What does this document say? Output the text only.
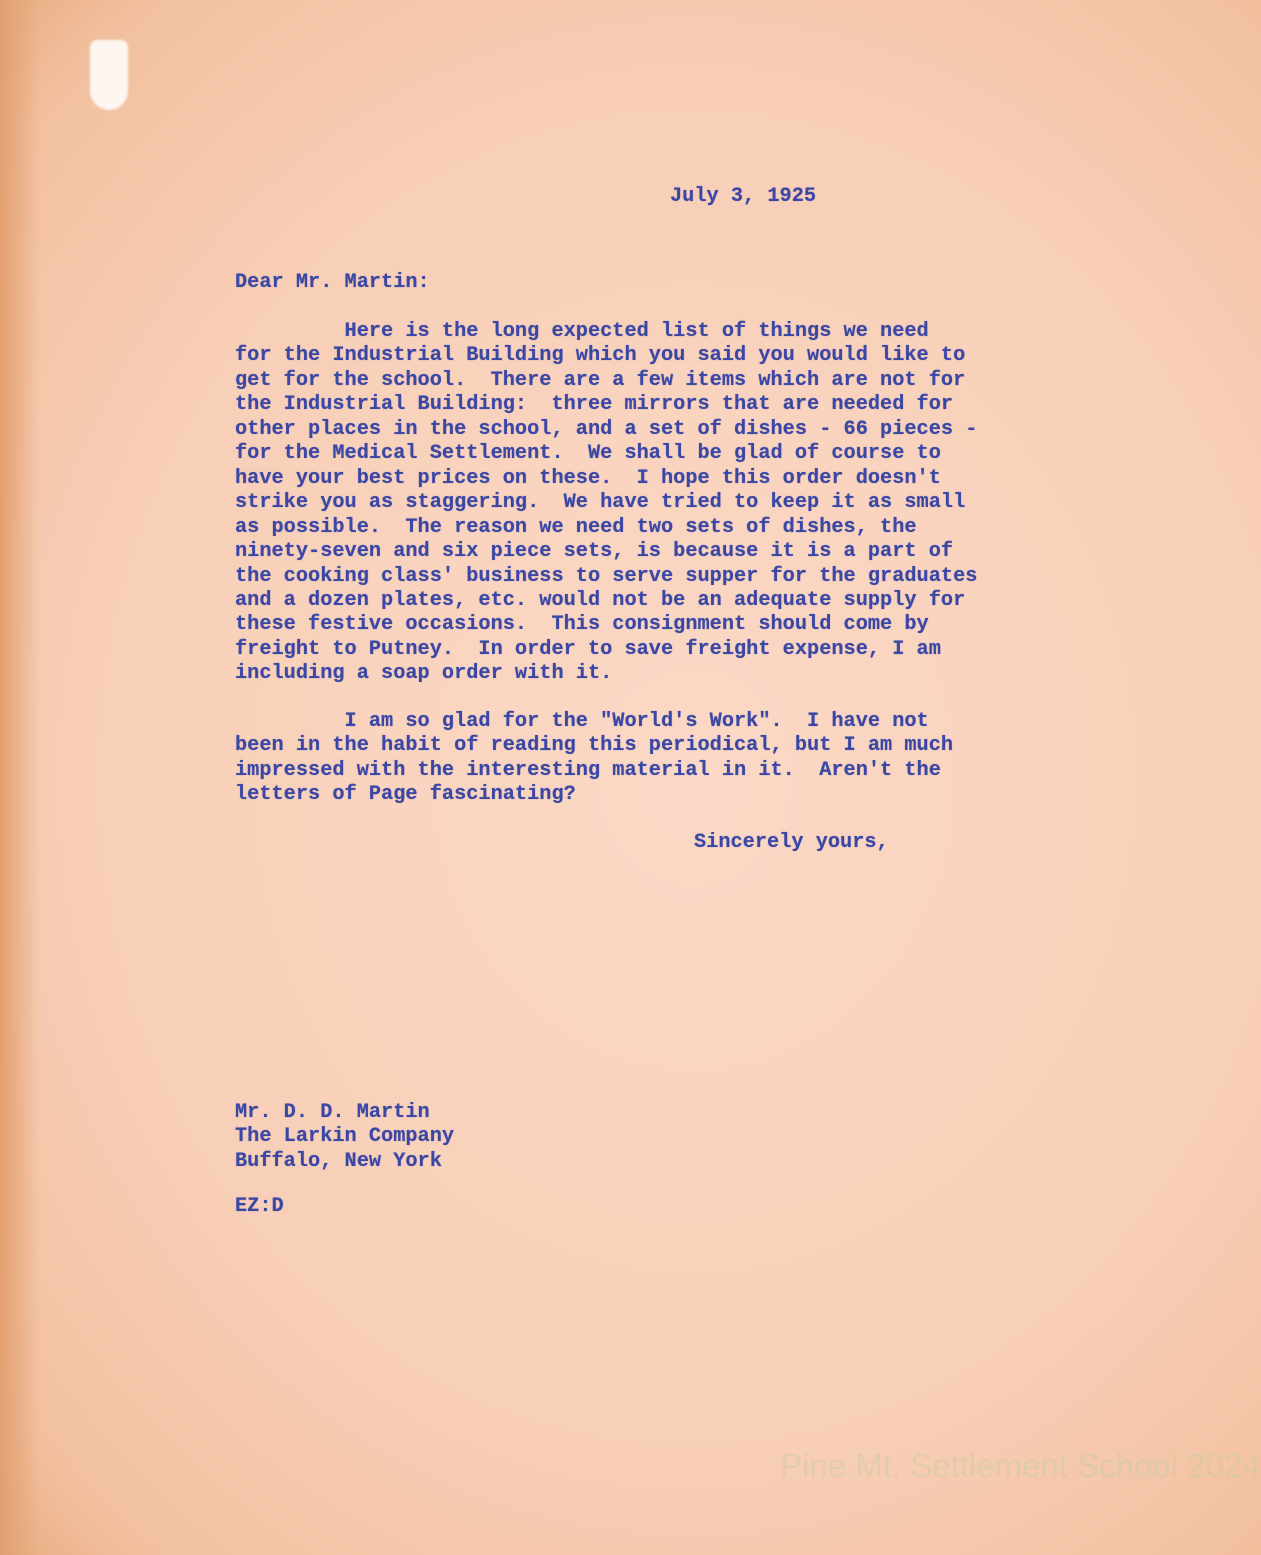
July 3, 1925
Dear Mr. Martin:
Here is the long expected list of things we need
for the Industrial Building which you said you would like to
get for the school.  There are a few items which are not for
the Industrial Building:  three mirrors that are needed for
other places in the school, and a set of dishes - 66 pieces -
for the Medical Settlement.  We shall be glad of course to
have your best prices on these.  I hope this order doesn't
strike you as staggering.  We have tried to keep it as small
as possible.  The reason we need two sets of dishes, the
ninety-seven and six piece sets, is because it is a part of
the cooking class' business to serve supper for the graduates
and a dozen plates, etc. would not be an adequate supply for
these festive occasions.  This consignment should come by
freight to Putney.  In order to save freight expense, I am
including a soap order with it.
I am so glad for the "World's Work".  I have not
been in the habit of reading this periodical, but I am much
impressed with the interesting material in it.  Aren't the
letters of Page fascinating?
Sincerely yours,
Mr. D. D. Martin
The Larkin Company
Buffalo, New York
EZ:D
Pine Mt. Settlement School 2024
